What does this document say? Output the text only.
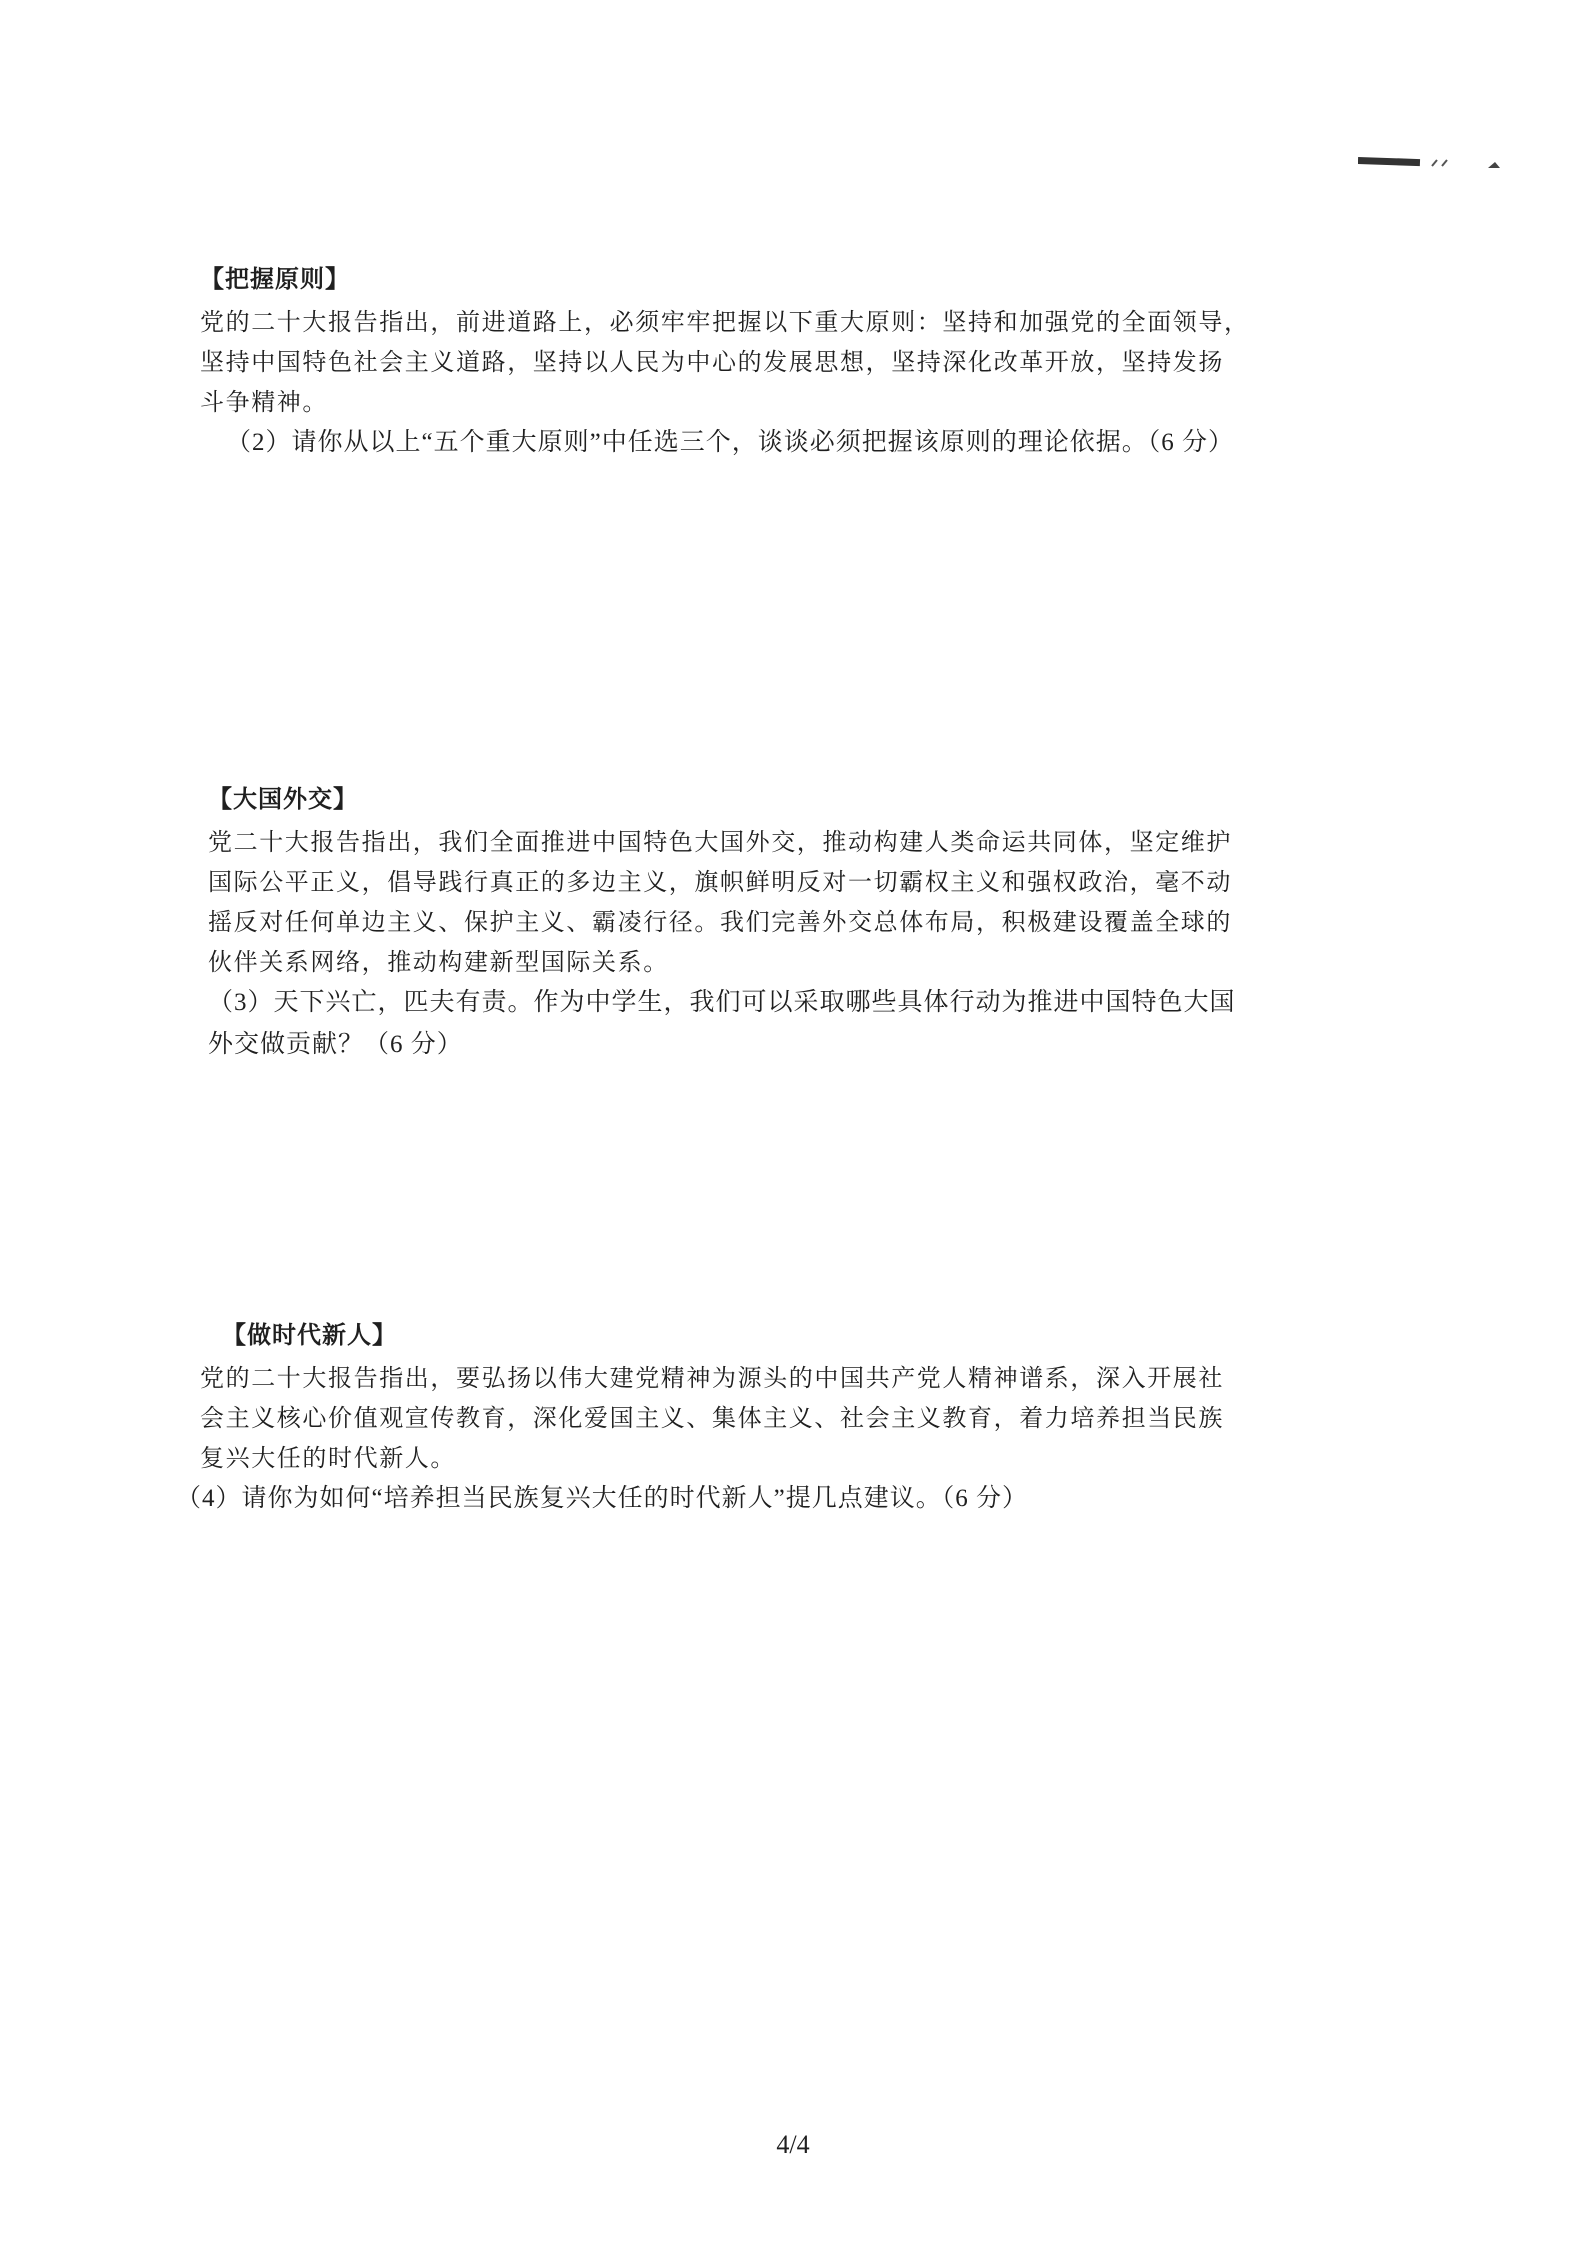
【把握原则】

党的二十大报告指出，前进道路上，必须牢牢把握以下重大原则：坚持和加强党的全面领导，

坚持中国特色社会主义道路，坚持以人民为中心的发展思想，坚持深化改革开放，坚持发扬

斗争精神。

（2）请你从以上“五个重大原则”中任选三个，谈谈必须把握该原则的理论依据。（6 分）

【大国外交】

党二十大报告指出，我们全面推进中国特色大国外交，推动构建人类命运共同体，坚定维护

国际公平正义，倡导践行真正的多边主义，旗帜鲜明反对一切霸权主义和强权政治，毫不动

摇反对任何单边主义、保护主义、霸凌行径。我们完善外交总体布局，积极建设覆盖全球的

伙伴关系网络，推动构建新型国际关系。

（3）天下兴亡，匹夫有责。作为中学生，我们可以采取哪些具体行动为推进中国特色大国

外交做贡献？（6 分）

【做时代新人】

党的二十大报告指出，要弘扬以伟大建党精神为源头的中国共产党人精神谱系，深入开展社

会主义核心价值观宣传教育，深化爱国主义、集体主义、社会主义教育，着力培养担当民族

复兴大任的时代新人。

（4）请你为如何“培养担当民族复兴大任的时代新人”提几点建议。（6 分）

4/4
